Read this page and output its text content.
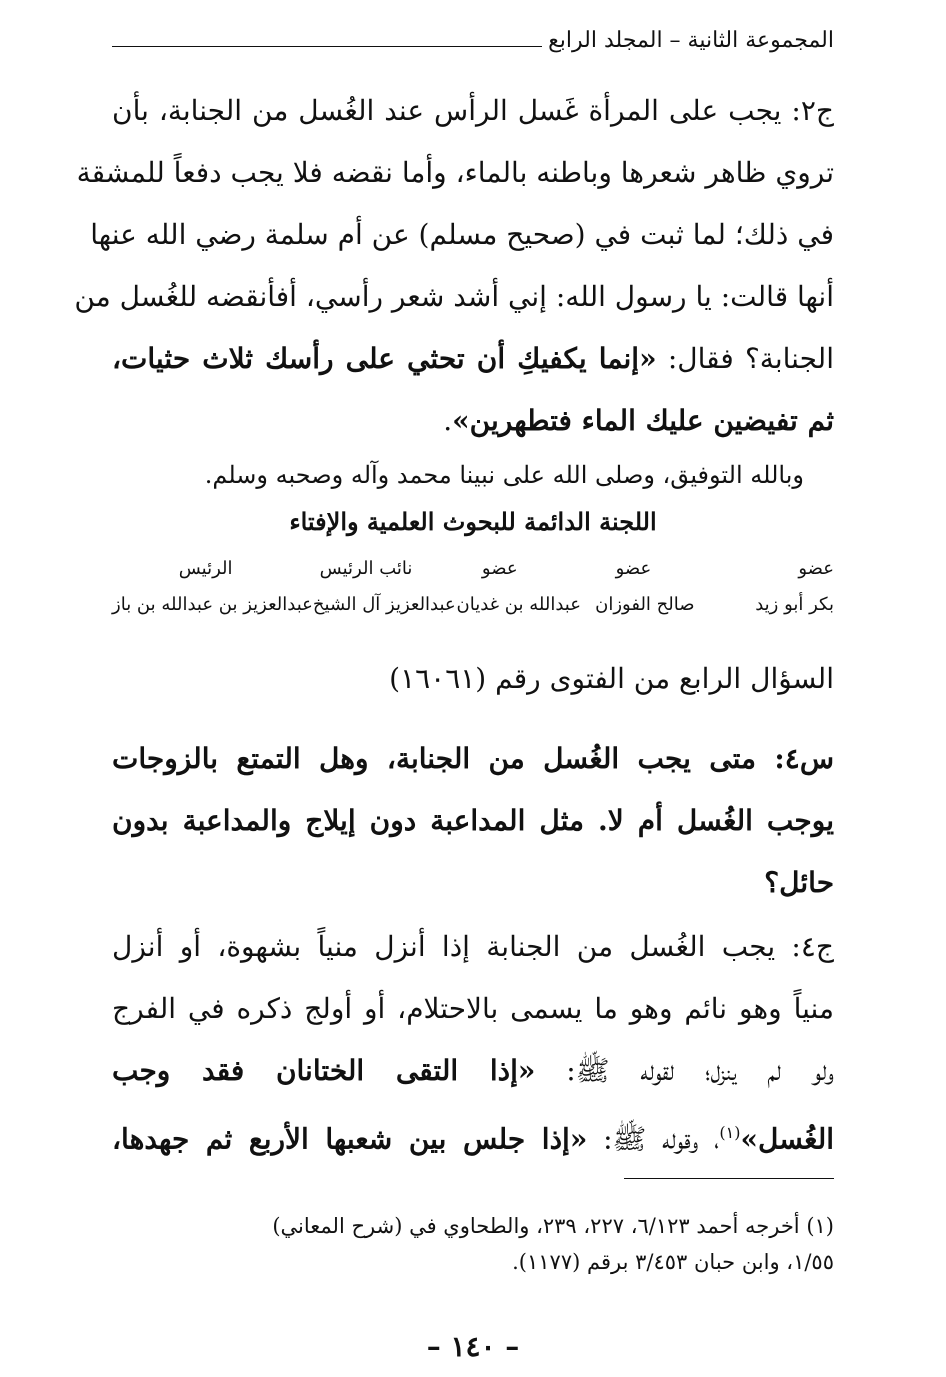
المجموعة الثانية – المجلد الرابع
ج٢: يجب على المرأة غَسل الرأس عند الغُسل من الجنابة، بأن
تروي ظاهر شعرها وباطنه بالماء، وأما نقضه فلا يجب دفعاً للمشقة
في ذلك؛ لما ثبت في (صحيح مسلم) عن أم سلمة رضي الله عنها
أنها قالت: يا رسول الله: إني أشد شعر رأسي، أفأنقضه للغُسل من
الجنابة؟ فقال: «إنما يكفيكِ أن تحثي على رأسك ثلاث حثيات،
ثم تفيضين عليك الماء فتطهرين».
وبالله التوفيق، وصلى الله على نبينا محمد وآله وصحبه وسلم.
اللجنة الدائمة للبحوث العلمية والإفتاء
عضو
عضو
عضو
نائب الرئيس
الرئيس
بكر أبو زيد
صالح الفوزان
عبدالله بن غديان
عبدالعزيز آل الشيخ
عبدالعزيز بن عبدالله بن باز
السؤال الرابع من الفتوى رقم (١٦٠٦١)
س٤: متى يجب الغُسل من الجنابة، وهل التمتع بالزوجات
يوجب الغُسل أم لا. مثل المداعبة دون إيلاج والمداعبة بدون
حائل؟
ج٤: يجب الغُسل من الجنابة إذا أنزل منياً بشهوة، أو أنزل
منياً وهو نائم وهو ما يسمى بالاحتلام، أو أولج ذكره في الفرج
ولو لم ينزل؛ لقوله ﷺ: «إذا التقى الختانان فقد وجب
الغُسل»$^{(١)}$، وقوله ﷺ: «إذا جلس بين شعبها الأربع ثم جهدها،
(١) أخرجه أحمد ٦/١٢٣، ٢٢٧، ٢٣٩، والطحاوي في (شرح المعاني)
١/٥٥، وابن حبان ٣/٤٥٣ برقم (١١٧٧).
– ١٤٠ –
